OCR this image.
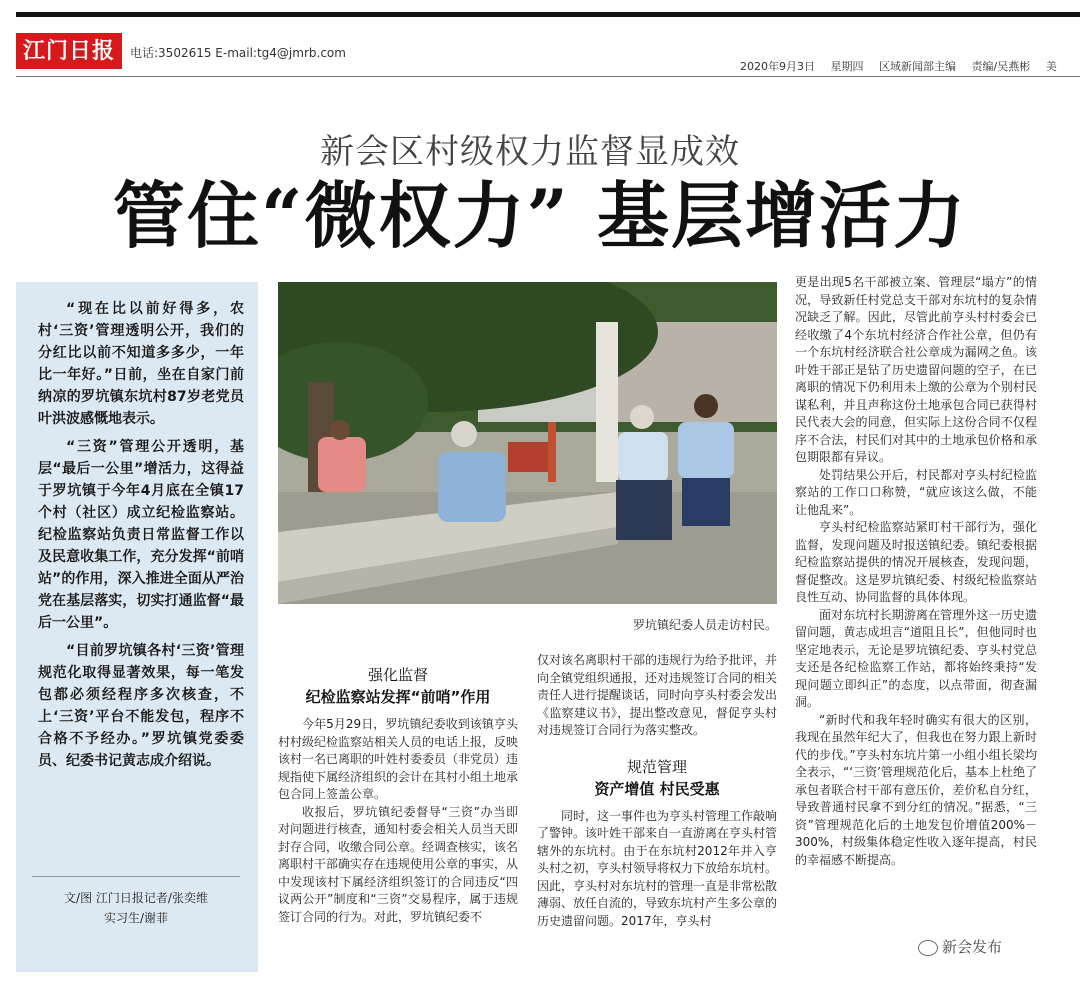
江门日报	电话:3502615 E-mail:tg4@jmrb.com
2020年9月3日 星期四 区域新闻部主编 责编/吴燕彬 美
新会区村级权力监督显成效
管住“微权力” 基层增活力

“现在比以前好得多，农村‘三资’管理透明公开，我们的分红比以前不知道多多少，一年比一年好。”日前，坐在自家门前纳凉的罗坑镇东坑村87岁老党员叶洪波感慨地表示。

“三资”管理公开透明，基层“最后一公里”增活力，这得益于罗坑镇于今年4月底在全镇17个村（社区）成立纪检监察站。纪检监察站负责日常监督工作以及民意收集工作，充分发挥“前哨站”的作用，深入推进全面从严治党在基层落实，切实打通监督“最后一公里”。

“目前罗坑镇各村‘三资’管理规范化取得显著效果，每一笔发包都必须经程序多次核查，不上‘三资’平台不能发包，程序不合格不予经办。”罗坑镇党委委员、纪委书记黄志成介绍说。

文/图 江门日报记者/张奕维
实习生/谢菲
罗坑镇纪委人员走访村民。
强化监督
纪检监察站发挥“前哨”作用

今年5月29日，罗坑镇纪委收到该镇亨头村村级纪检监察站相关人员的电话上报，反映该村一名已离职的叶姓村委委员（非党员）违规指使下属经济组织的会计在其村小组土地承包合同上签盖公章。

收报后，罗坑镇纪委督导“三资”办当即对问题进行核查，通知村委会相关人员当天即封存合同，收缴合同公章。经调查核实，该名离职村干部确实存在违规使用公章的事实，从中发现该村下属经济组织签订的合同违反“四议两公开”制度和“三资”交易程序，属于违规签订合同的行为。对此，罗坑镇纪委不

仅对该名离职村干部的违规行为给予批评，并向全镇党组织通报，还对违规签订合同的相关责任人进行提醒谈话，同时向亨头村委会发出《监察建议书》，提出整改意见，督促亨头村对违规签订合同行为落实整改。

规范管理
资产增值 村民受惠

同时，这一事件也为亨头村管理工作敲响了警钟。该叶姓干部来自一直游离在亨头村管辖外的东坑村。由于在东坑村2012年并入亨头村之初，亨头村领导将权力下放给东坑村。因此，亨头村对东坑村的管理一直是非常松散薄弱、放任自流的，导致东坑村产生多公章的历史遗留问题。2017年，亨头村

更是出现5名干部被立案、管理层“塌方”的情况，导致新任村党总支干部对东坑村的复杂情况缺乏了解。因此，尽管此前亨头村村委会已经收缴了4个东坑村经济合作社公章，但仍有一个东坑村经济联合社公章成为漏网之鱼。该叶姓干部正是钻了历史遗留问题的空子，在已离职的情况下仍利用未上缴的公章为个别村民谋私利，并且声称这份土地承包合同已获得村民代表大会的同意，但实际上这份合同不仅程序不合法，村民们对其中的土地承包价格和承包期限都有异议。

处罚结果公开后，村民都对亨头村纪检监察站的工作口口称赞，“就应该这么做，不能让他乱来”。

亨头村纪检监察站紧盯村干部行为，强化监督，发现问题及时报送镇纪委。镇纪委根据纪检监察站提供的情况开展核查，发现问题，督促整改。这是罗坑镇纪委、村级纪检监察站良性互动、协同监督的具体体现。

面对东坑村长期游离在管理外这一历史遗留问题，黄志成坦言“道阻且长”，但他同时也坚定地表示，无论是罗坑镇纪委、亨头村党总支还是各纪检监察工作站，都将始终秉持“发现问题立即纠正”的态度，以点带面，彻查漏洞。

“新时代和我年轻时确实有很大的区别，我现在虽然年纪大了，但我也在努力跟上新时代的步伐。”亨头村东坑片第一小组小组长梁均全表示，“‘三资’管理规范化后，基本上杜绝了承包者联合村干部有意压价，差价私自分红，导致普通村民拿不到分红的情况。”据悉，“三资”管理规范化后的土地发包价增值200%－300%，村级集体稳定性收入逐年提高，村民的幸福感不断提高。

新会发布
